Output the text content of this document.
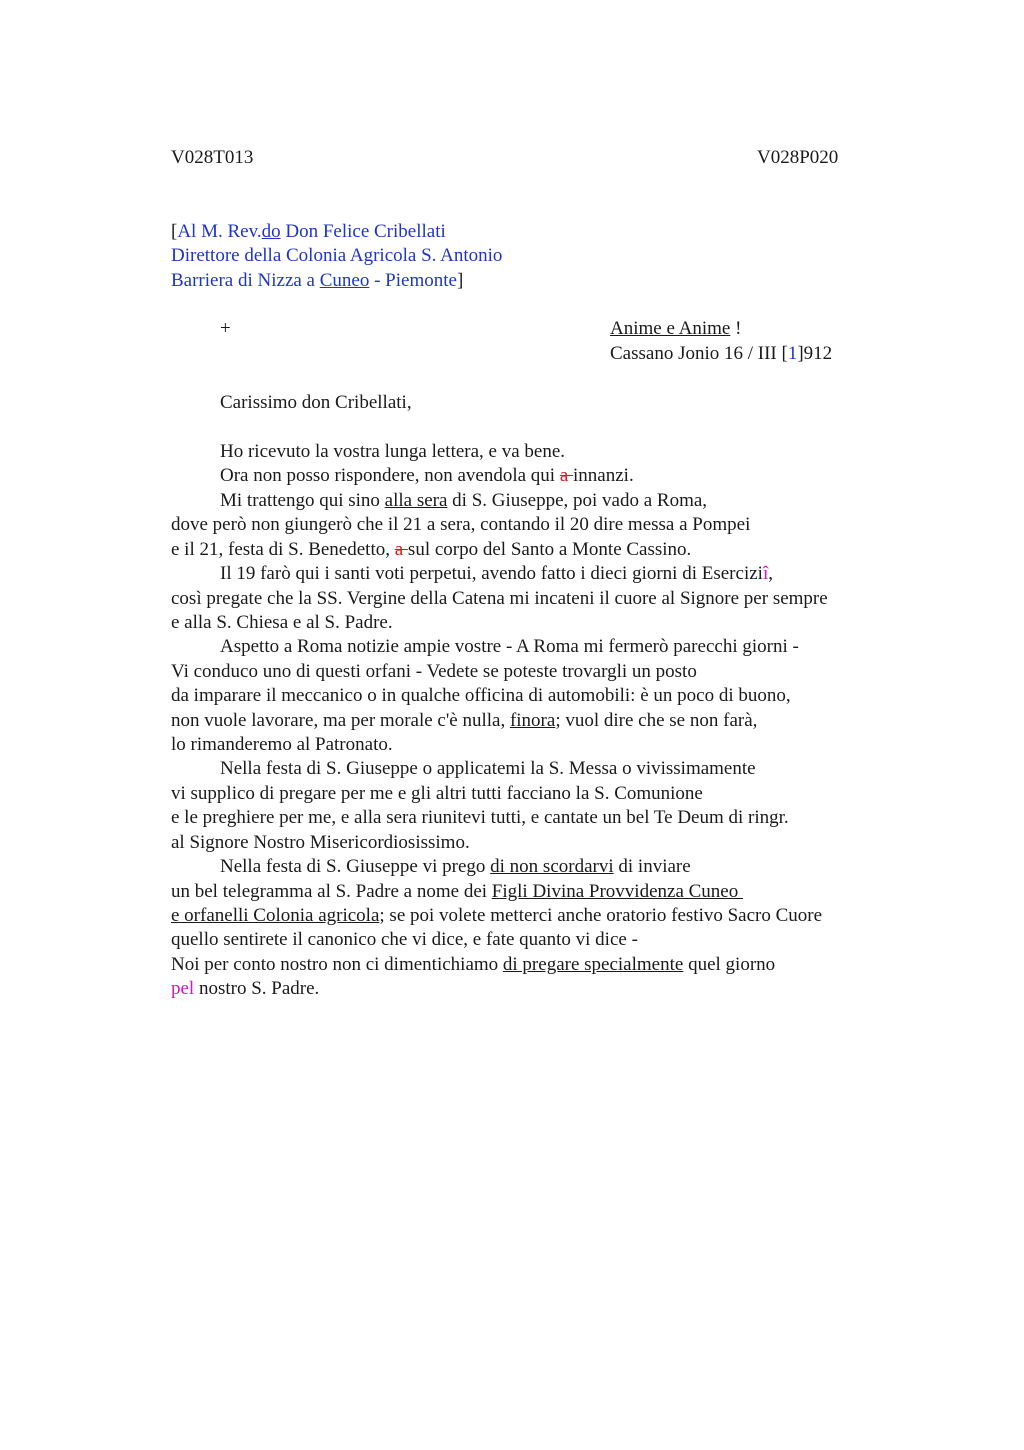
V028T013	V028P020
[Al M. Rev.do Don Felice Cribellati
Direttore della Colonia Agricola S. Antonio
Barriera di Nizza a Cuneo - Piemonte]
+	Anime e Anime !
Cassano Jonio 16 / III [1]912
Carissimo don Cribellati,
Ho ricevuto la vostra lunga lettera, e va bene.
Ora non posso rispondere, non avendola qui a innanzi.
Mi trattengo qui sino alla sera di S. Giuseppe, poi vado a Roma,
dove però non giungerò che il 21 a sera, contando il 20 dire messa a Pompei
e il 21, festa di S. Benedetto, a sul corpo del Santo a Monte Cassino.
Il 19 farò qui i santi voti perpetui, avendo fatto i dieci giorni di Eserciziî,
così pregate che la SS. Vergine della Catena mi incateni il cuore al Signore per sempre
e alla S. Chiesa e al S. Padre.
Aspetto a Roma notizie ampie vostre - A Roma mi fermerò parecchi giorni -
Vi conduco uno di questi orfani - Vedete se poteste trovargli un posto
da imparare il meccanico o in qualche officina di automobili: è un poco di buono,
non vuole lavorare, ma per morale c'è nulla, finora; vuol dire che se non farà,
lo rimanderemo al Patronato.
Nella festa di S. Giuseppe o applicatemi la S. Messa o vivissimamente
vi supplico di pregare per me e gli altri tutti facciano la S. Comunione
e le preghiere per me, e alla sera riunitevi tutti, e cantate un bel Te Deum di ringr.
al Signore Nostro Misericordiosissimo.
Nella festa di S. Giuseppe vi prego di non scordarvi di inviare
un bel telegramma al S. Padre a nome dei Figli Divina Provvidenza Cuneo
e orfanelli Colonia agricola; se poi volete metterci anche oratorio festivo Sacro Cuore
quello sentirete il canonico che vi dice, e fate quanto vi dice -
Noi per conto nostro non ci dimentichiamo di pregare specialmente quel giorno
pel nostro S. Padre.
